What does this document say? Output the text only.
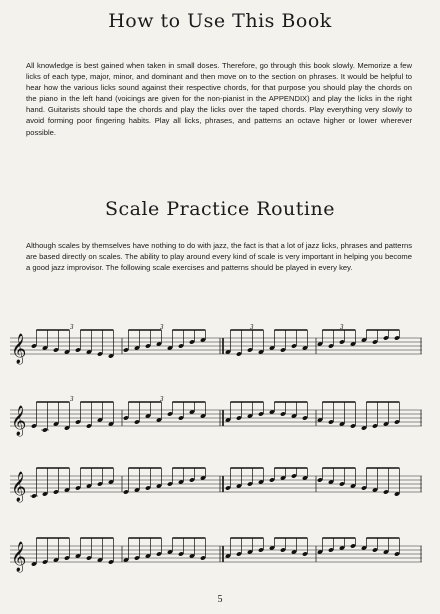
How to Use This Book
All knowledge is best gained when taken in small doses. Therefore, go through this book slowly. Memorize a few licks of each type, major, minor, and dominant and then move on to the section on phrases. It would be helpful to hear how the various licks sound against their respective chords, for that purpose you should play the chords on the piano in the left hand (voicings are given for the non-pianist in the APPENDIX) and play the licks in the right hand. Guitarists should tape the chords and play the licks over the taped chords. Play everything very slowly to avoid forming poor fingering habits. Play all licks, phrases, and patterns an octave higher or lower wherever possible.
Scale Practice Routine
Although scales by themselves have nothing to do with jazz, the fact is that a lot of jazz licks, phrases and patterns are based directly on scales. The ability to play around every kind of scale is very important in helping you become a good jazz improvisor. The following scale exercises and patterns should be played in every key.
𝄞
3	3	3	3
𝄞
3	3
𝄞
𝄞
5
